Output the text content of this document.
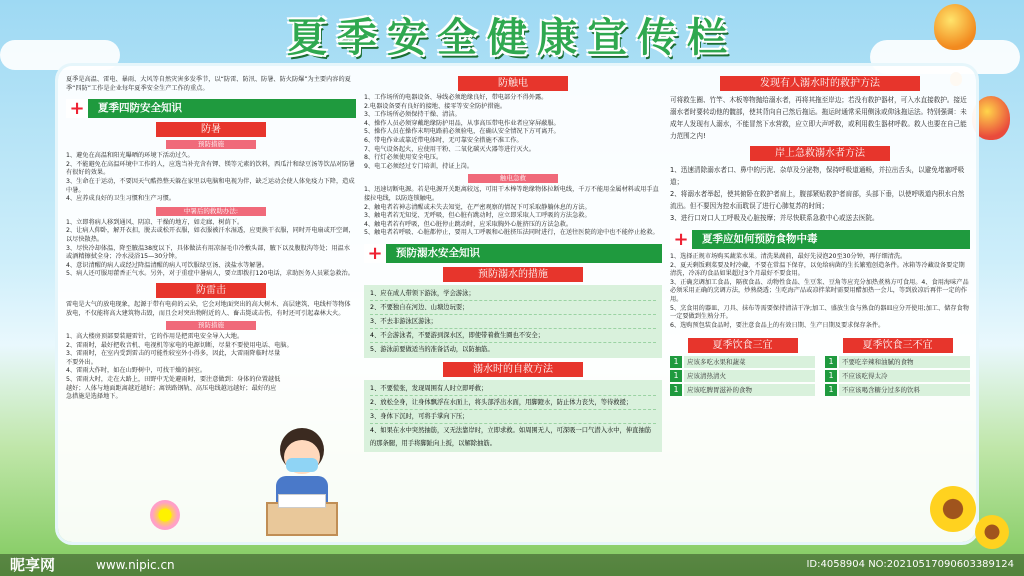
夏季安全健康宣传栏

夏季是高温、雷电、暴雨、大风等自然灾害多发季节，以“防雷、防汛、防暑、防火防爆”为主要内容的夏季“四防”工作是企业每年夏季安全生产工作的重点。

+	夏季四防安全知识
防暑
预防措施

1、避免在高温和阳光曝晒的环境下活动过久。

2、不能避免在高温环境中工作的人，应选当补充含有钾、镁等元素的饮料，西瓜汁和绿豆汤等饮品对防暑有很好的效果。

3、生命在于运动，不要因天气酷热整天躲在家里以电脑和电视为伴，缺乏运动会使人体免疫力下降，造成中暑。

4、应养成良好的卫生习惯和生产习惯。

中暑后的救助办法:

1、立即将病人移到通风、阴凉、干燥的地方，如走廊、树荫下。

2、让病人仰卧，解开衣扣，脱去或松开衣服，如衣服被汗水湿透，应更换干衣服，同时开电扇或开空调，以尽快散热。

3、尽快冷却体温，降至腋温38度以下，具体做法有用凉湿毛巾冷敷头部，腋下以及腹股沟等处；用温水或酒精擦拭全身；冷水浸浴15—30分钟。

4、意识清醒的病人或经过降温清醒的病人可饮服绿豆汤、淡盐水等解暑。

5、病人还可服用藿香正气水。另外，对于重症中暑病人，要立即拨打120电话，求助医务人员紧急救治。

防雷击

雷电是大气的放电现象，起源于带有电荷的云朵，它会对地面突出的高大树木、高层建筑、电线杆等物体放电，不仅能将高大建筑物击毁，而且会对突出物附近的人、畜击毙或击伤，有时还可引起森林大火。

预防措施

1、高大楼房顶部要装避雷针，它的作用是把雷电安全导入大地。

2、雷雨时，最好把收音机、电视机等家电的电源切断，尽量不要使用电话、电脑。

3、雷雨时，在室内受到雷击的可能性较室外小得多，因此，大雷雨降临时尽量不要外出。

4、雷雨大作时，如在山野树中，可找干燥的洞室。

5、雷雨大时，走在大路上，田野中无处避雨时，要注意做到：身体的位置越低越好；人体与地面距离越近越好；离铁路钢轨、高压电线越远越好；最好的应急措施是选择地下。

防触电

1、工作场所的电器设备、导线必须绝缘良好，带电部分不得外露。

2.电器设备要有良好的接地、接零等安全防护措施。

3、工作场所必须保持干燥、清洁。

4、操作人员必须穿戴绝缘防护用品，从事高压带电作业者应穿屏蔽服。

5、操作人员在操作末明电路前必须验电，在确认安全情况下方可离开。

6、带电作业或靠近带电体时，无可靠安全措施不准工作。

7、电气设备起火，应使用干粉、二氧化碳灭火器等进行灭火。

8、行灯必须使用安全电压。

9、电工必须经过专门培训，持证上岗。

触电急救

1、迅速切断电源。若是电源开关距离较远，可用干木棒等绝缘物体拉断电线，千万不能用金属材料或用手直接拉电线，以防连锁触电。

2、触电者若神志清醒或未失去知觉，在严密观察的情况下可采取静躺休息的方法。

3、触电者若无知觉、无呼吸，但心脏有跳动时，应立即采取人工呼吸的方法急救。

4、触电者若有呼吸，但心脏停止跳动时，应采取胸外心脏挤压的方法急救。

5、触电者若呼吸、心脏都停止，要用人工呼吸和心脏挤压法同时进行，在送往医院的途中也不能停止抢救。

+	预防溺水安全知识
预防溺水的措施
1、应在成人带领下游泳，学会游泳；
2、不要独自在河边、山塘边玩耍；
3、不去非游泳区游泳；
4、不会游泳者，不要游到深水区，即使带着救生圈也不安全；
5、游泳前要做适当的准备活动，以防抽筋。
溺水时的自救方法
1、不要慌张，发现周围有人时立即呼救；
2、放松全身，让身体飘浮在水面上，将头部浮出水面，用脚蹬水，防止体力丧失，等待救援；
3、身体下沉时，可将手掌向下压；
4、如果在水中突然抽筋，又无法靠岸时，立即求救。如周围无人，可深吸一口气潜入水中，伸直抽筋的那条腿，用手将脚趾向上扳，以解除抽筋。
发现有人溺水时的救护方法

可将救生圈、竹竿、木板等物抛给溺水者，再将其拖至岸边；若没有救护器材，可入水直接救护。接近溺水者时要转动他的髋部，使其背向自己然后拖运。拖运时通常采用侧泳或仰泳拖运法。特别强调：未成年人发现有人溺水，不能冒然下水营救，应立即大声呼救，或利用救生器材呼救。救人也要在自己能力范围之内!

岸上急救溺水者方法

1、迅速清除溺水者口、鼻中的污泥、杂草及分泌物，保持呼吸道通畅，并拉出舌头，以避免堵塞呼吸道；

2、将溺水者举起，使其俯卧在救护者肩上，腹部紧贴救护者肩部，头部下垂，以使呼吸道内积水自然流出。但不要因为控水而耽误了进行心肺复苏的时间；

3、进行口对口人工呼吸及心脏按摩；并尽快联系急救中心或送去医院。

+	夏季应如何预防食物中毒

1、选择正规市场购买蔬菜水果。清洗果蔬前，最好先浸泡20至30分钟，再仔细清洗。

2、夏天剩饭剩菜要及时冷藏，不要在常温下保存，以免给病菌的生长繁殖创造条件。冰箱等冷藏设备要定期清洗，冷冻的食品如果超过3个月最好不要食用。

3、正确烹调加工食品，隔夜食品、动物性食品、生豆浆、豆角等应充分加热煮熟方可食用。4、食用海味产品必须采用正确的烹调方法，炒熟烧透；生吃海产品或凉拌菜时需要用醋加热一会儿，等到放凉后再伴一定的作用。

5、烹食用的器皿、刀具、抹布等需要保持清洁干净;加工、盛放生食与熟食的器皿应分开使用;加工、储存食物一定要做到生熟分开。

6、选购预包装食品时，要注意食品上的有效日期、生产日期及要求保存条件。

夏季饮食三宜
1	应该多吃水果和蔬菜
1	应该清热清火
1	应该吃脾胃滋补的食物
夏季饮食三不宜
1	不要吃辛辣和油腻的食物
1	不应该吃得太冷
1	不应该喝含糖分过多的饮料
昵享网	www.nipic.cn	ID:4058904 NO:20210517090603389124
